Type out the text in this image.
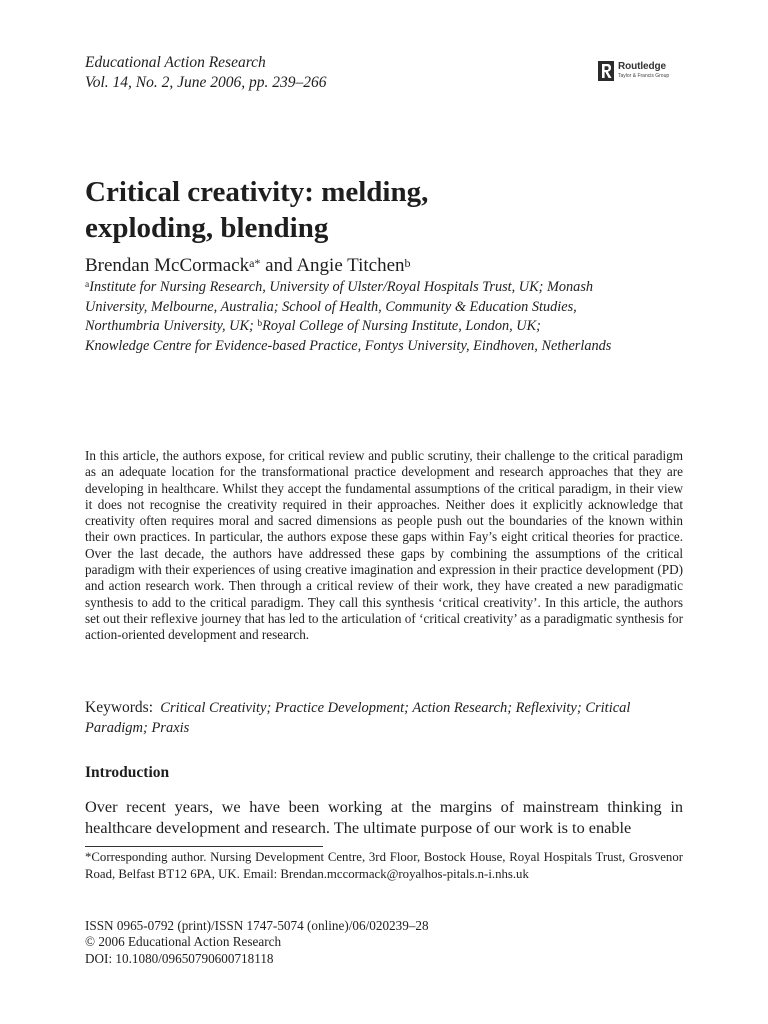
Educational Action Research
Vol. 14, No. 2, June 2006, pp. 239–266
Routledge
Taylor & Francis Group
Critical creativity: melding,
exploding, blending
Brendan McCormack$^{a*}$ and Angie Titchen$^b$
$^a$Institute for Nursing Research, University of Ulster/Royal Hospitals Trust, UK; Monash
University, Melbourne, Australia; School of Health, Community & Education Studies,
Northumbria University, UK; $^b$Royal College of Nursing Institute, London, UK;
Knowledge Centre for Evidence-based Practice, Fontys University, Eindhoven, Netherlands

In this article, the authors expose, for critical review and public scrutiny, their challenge to the critical paradigm as an adequate location for the transformational practice development and research approaches that they are developing in healthcare. Whilst they accept the fundamental assumptions of the critical paradigm, in their view it does not recognise the creativity required in their approaches. Neither does it explicitly acknowledge that creativity often requires moral and sacred dimensions as people push out the boundaries of the known within their own practices. In particular, the authors expose these gaps within Fay’s eight critical theories for practice. Over the last decade, the authors have addressed these gaps by combining the assumptions of the critical paradigm with their experiences of using creative imagination and expression in their practice development (PD) and action research work. Then through a critical review of their work, they have created a new paradigmatic synthesis to add to the critical paradigm. They call this synthesis ‘critical creativity’. In this article, the authors set out their reflexive journey that has led to the articulation of ‘critical creativity’ as a paradigmatic synthesis for action-oriented development and research.

Keywords: Critical Creativity; Practice Development; Action Research; Reflexivity; Critical Paradigm; Praxis
Introduction

Over recent years, we have been working at the margins of mainstream thinking in healthcare development and research. The ultimate purpose of our work is to enable

*Corresponding author. Nursing Development Centre, 3rd Floor, Bostock House, Royal Hospitals Trust, Grosvenor Road, Belfast BT12 6PA, UK. Email: Brendan.mccormack@royalhos-pitals.n-i.nhs.uk

ISSN 0965-0792 (print)/ISSN 1747-5074 (online)/06/020239–28
© 2006 Educational Action Research
DOI: 10.1080/09650790600718118
